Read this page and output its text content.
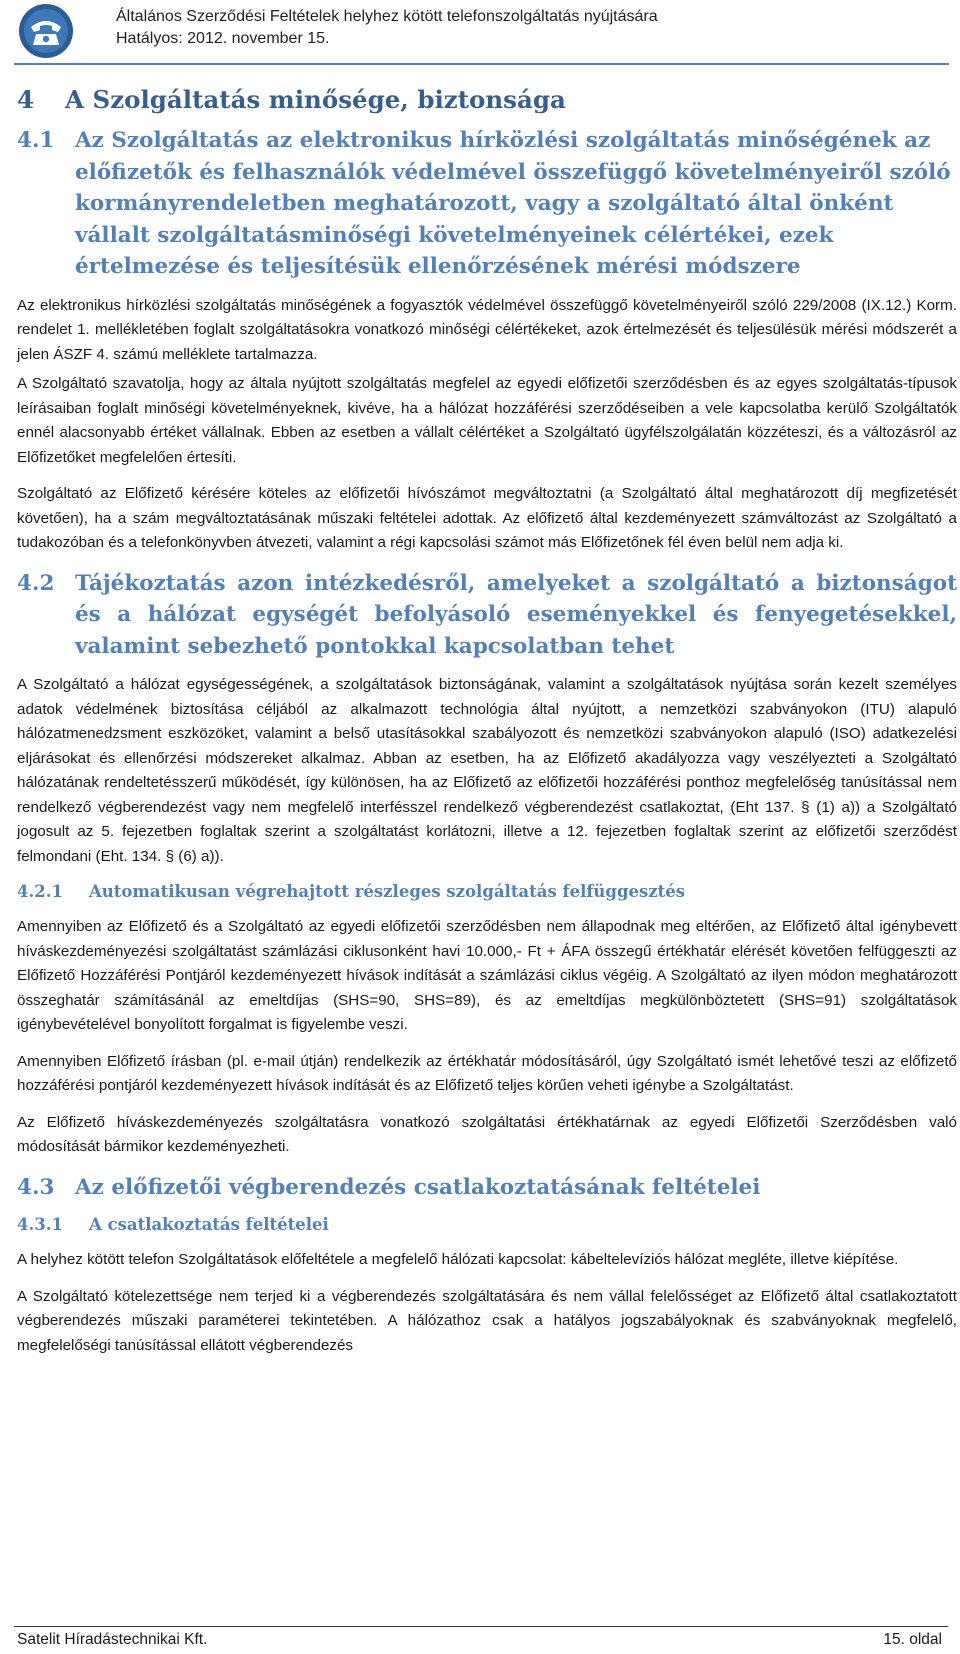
Általános Szerződési Feltételek helyhez kötött telefonszolgáltatás nyújtására
Hatályos: 2012. november 15.
4	A Szolgáltatás minősége, biztonsága
4.1 Az Szolgáltatás az elektronikus hírközlési szolgáltatás minőségének az előfizetők és felhasználók védelmével összefüggő követelményeiről szóló kormányrendeletben meghatározott, vagy a szolgáltató által önként vállalt szolgáltatásminőségi követelményeinek célértékei, ezek értelmezése és teljesítésük ellenőrzésének mérési módszere

Az elektronikus hírközlési szolgáltatás minőségének a fogyasztók védelmével összefüggő követelményeiről szóló 229/2008 (IX.12.) Korm. rendelet 1. mellékletében foglalt szolgáltatásokra vonatkozó minőségi célértékeket, azok értelmezését és teljesülésük mérési módszerét a jelen ÁSZF 4. számú melléklete tartalmazza.

A Szolgáltató szavatolja, hogy az általa nyújtott szolgáltatás megfelel az egyedi előfizetői szerződésben és az egyes szolgáltatás-típusok leírásaiban foglalt minőségi követelményeknek, kivéve, ha a hálózat hozzáférési szerződéseiben a vele kapcsolatba kerülő Szolgáltatók ennél alacsonyabb értéket vállalnak. Ebben az esetben a vállalt célértéket a Szolgáltató ügyfélszolgálatán közzéteszi, és a változásról az Előfizetőket megfelelően értesíti.

Szolgáltató az Előfizető kérésére köteles az előfizetői hívószámot megváltoztatni (a Szolgáltató által meghatározott díj megfizetését követően), ha a szám megváltoztatásának műszaki feltételei adottak. Az előfizető által kezdeményezett számváltozást az Szolgáltató a tudakozóban és a telefonkönyvben átvezeti, valamint a régi kapcsolási számot más Előfizetőnek fél éven belül nem adja ki.

4.2 Tájékoztatás azon intézkedésről, amelyeket a szolgáltató a biztonságot és a hálózat egységét befolyásoló eseményekkel és fenyegetésekkel, valamint sebezhető pontokkal kapcsolatban tehet

A Szolgáltató a hálózat egységességének, a szolgáltatások biztonságának, valamint a szolgáltatások nyújtása során kezelt személyes adatok védelmének biztosítása céljából az alkalmazott technológia által nyújtott, a nemzetközi szabványokon (ITU) alapuló hálózatmenedzsment eszközöket, valamint a belső utasításokkal szabályozott és nemzetközi szabványokon alapuló (ISO) adatkezelési eljárásokat és ellenőrzési módszereket alkalmaz. Abban az esetben, ha az Előfizető akadályozza vagy veszélyezteti a Szolgáltató hálózatának rendeltetésszerű működését, így különösen, ha az Előfizető az előfizetői hozzáférési ponthoz megfelelőség tanúsítással nem rendelkező végberendezést vagy nem megfelelő interfésszel rendelkező végberendezést csatlakoztat, (Eht 137. § (1) a)) a Szolgáltató jogosult az 5. fejezetben foglaltak szerint a szolgáltatást korlátozni, illetve a 12. fejezetben foglaltak szerint az előfizetői szerződést felmondani (Eht. 134. § (6) a)).

4.2.1	Automatikusan végrehajtott részleges szolgáltatás felfüggesztés

Amennyiben az Előfizető és a Szolgáltató az egyedi előfizetői szerződésben nem állapodnak meg eltérően, az Előfizető által igénybevett híváskezdeményezési szolgáltatást számlázási ciklusonként havi 10.000,- Ft + ÁFA összegű értékhatár elérését követően felfüggeszti az Előfizető Hozzáférési Pontjáról kezdeményezett hívások indítását a számlázási ciklus végéig. A Szolgáltató az ilyen módon meghatározott összeghatár számításánál az emeltdíjas (SHS=90, SHS=89), és az emeltdíjas megkülönböztetett (SHS=91) szolgáltatások igénybevételével bonyolított forgalmat is figyelembe veszi.

Amennyiben Előfizető írásban (pl. e-mail útján) rendelkezik az értékhatár módosításáról, úgy Szolgáltató ismét lehetővé teszi az előfizető hozzáférési pontjáról kezdeményezett hívások indítását és az Előfizető teljes körűen veheti igénybe a Szolgáltatást.

Az Előfizető híváskezdeményezés szolgáltatásra vonatkozó szolgáltatási értékhatárnak az egyedi Előfizetői Szerződésben való módosítását bármikor kezdeményezheti.

4.3 Az előfizetői végberendezés csatlakoztatásának feltételei
4.3.1	A csatlakoztatás feltételei

A helyhez kötött telefon Szolgáltatások előfeltétele a megfelelő hálózati kapcsolat: kábeltelevíziós hálózat megléte, illetve kiépítése.

A Szolgáltató kötelezettsége nem terjed ki a végberendezés szolgáltatására és nem vállal felelősséget az Előfizető által csatlakoztatott végberendezés műszaki paraméterei tekintetében. A hálózathoz csak a hatályos jogszabályoknak és szabványoknak megfelelő, megfelelőségi tanúsítással ellátott végberendezés

Satelit Híradástechnikai Kft.	15. oldal
